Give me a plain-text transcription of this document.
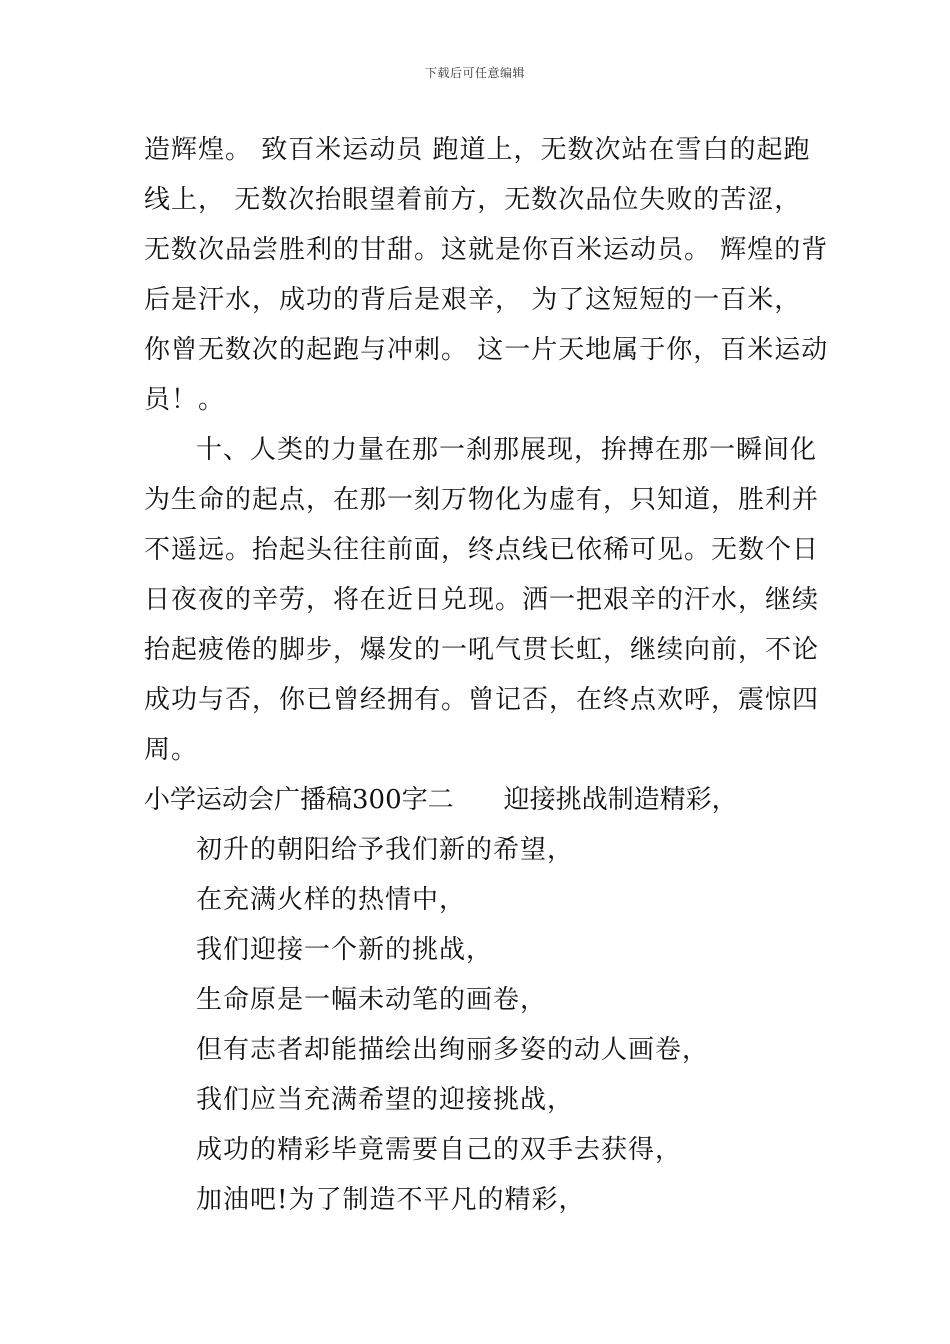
下载后可任意编辑
造辉煌。 致百米运动员 跑道上，无数次站在雪白的起跑
线上， 无数次抬眼望着前方，无数次品位失败的苦涩，
无数次品尝胜利的甘甜。这就是你百米运动员。 辉煌的背
后是汗水，成功的背后是艰辛， 为了这短短的一百米，
你曾无数次的起跑与冲刺。 这一片天地属于你，百米运动
员！。
十、人类的力量在那一刹那展现，拚搏在那一瞬间化
为生命的起点，在那一刻万物化为虚有，只知道，胜利并
不遥远。抬起头往往前面，终点线已依稀可见。无数个日
日夜夜的辛劳，将在近日兑现。洒一把艰辛的汗水，继续
抬起疲倦的脚步，爆发的一吼气贯长虹，继续向前，不论
成功与否，你已曾经拥有。曾记否，在终点欢呼，震惊四
周。
小学运动会广播稿300字二 迎接挑战制造精彩，
初升的朝阳给予我们新的希望，
在充满火样的热情中，
我们迎接一个新的挑战，
生命原是一幅未动笔的画卷，
但有志者却能描绘出绚丽多姿的动人画卷，
我们应当充满希望的迎接挑战，
成功的精彩毕竟需要自己的双手去获得，
加油吧!为了制造不平凡的精彩，
